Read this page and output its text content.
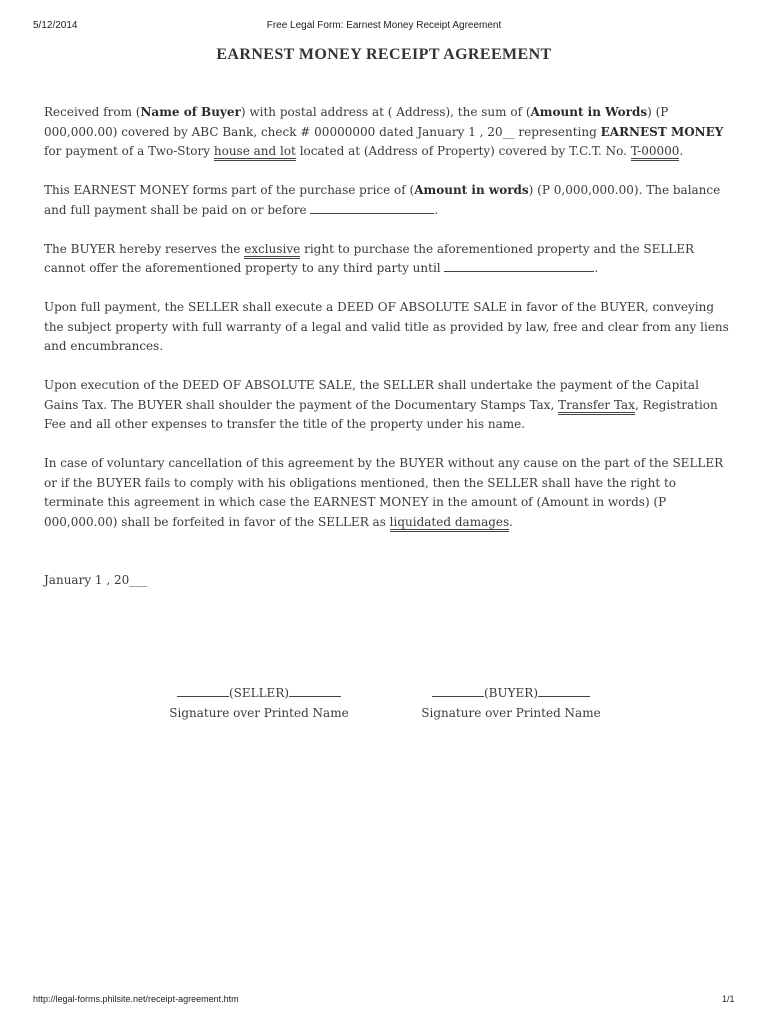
5/12/2014	Free Legal Form: Earnest Money Receipt Agreement
EARNEST MONEY RECEIPT AGREEMENT

Received from (Name of Buyer) with postal address at ( Address), the sum of (Amount in Words) (P 000,000.00) covered by ABC Bank, check # 00000000 dated January 1 , 20__ representing EARNEST MONEY for payment of a Two-Story house and lot located at (Address of Property) covered by T.C.T. No. T-00000.

This EARNEST MONEY forms part of the purchase price of (Amount in words) (P 0,000,000.00). The balance and full payment shall be paid on or before	.

The BUYER hereby reserves the exclusive right to purchase the aforementioned property and the SELLER cannot offer the aforementioned property to any third party until	.

Upon full payment, the SELLER shall execute a DEED OF ABSOLUTE SALE in favor of the BUYER, conveying the subject property with full warranty of a legal and valid title as provided by law, free and clear from any liens and encumbrances.

Upon execution of the DEED OF ABSOLUTE SALE, the SELLER shall undertake the payment of the Capital Gains Tax. The BUYER shall shoulder the payment of the Documentary Stamps Tax, Transfer Tax, Registration Fee and all other expenses to transfer the title of the property under his name.

In case of voluntary cancellation of this agreement by the BUYER without any cause on the part of the SELLER or if the BUYER fails to comply with his obligations mentioned, then the SELLER shall have the right to terminate this agreement in which case the EARNEST MONEY in the amount of (Amount in words) (P 000,000.00) shall be forfeited in favor of the SELLER as liquidated damages.

January 1 , 20___

(SELLER)
Signature over Printed Name
(BUYER)
Signature over Printed Name
http://legal-forms.philsite.net/receipt-agreement.htm	1/1
